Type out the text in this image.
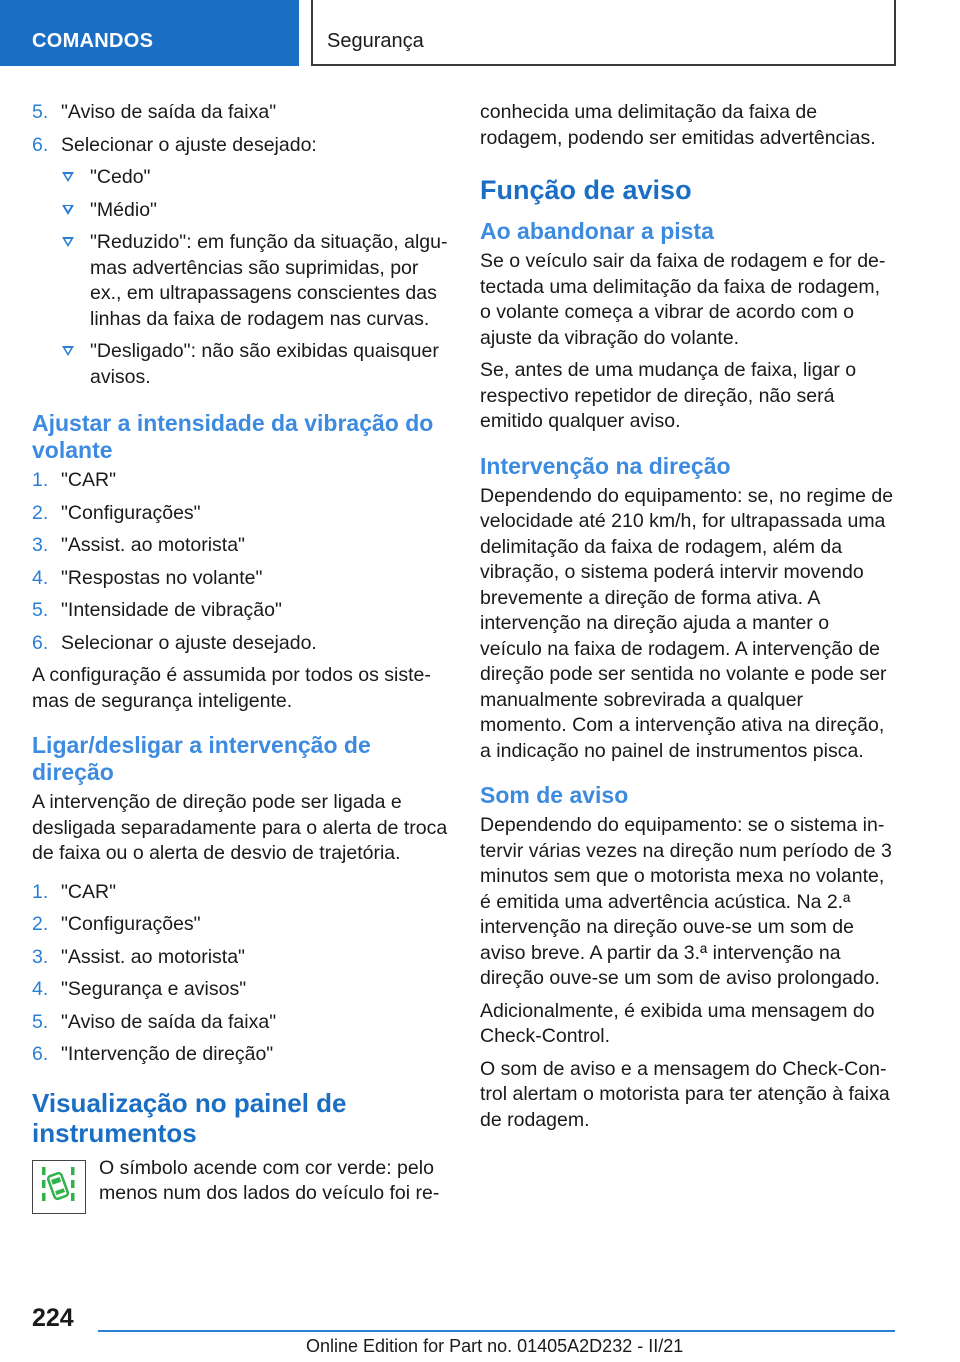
COMANDOS	Segurança
5. "Aviso de saída da faixa"
6. Selecionar o ajuste desejado:
"Cedo"
"Médio"
"Reduzido": em função da situação, algumas advertências são suprimidas, por ex., em ultrapassagens conscientes das linhas da faixa de rodagem nas curvas.
"Desligado": não são exibidas quaisquer avisos.
Ajustar a intensidade da vibração do volante
1. "CAR"
2. "Configurações"
3. "Assist. ao motorista"
4. "Respostas no volante"
5. "Intensidade de vibração"
6. Selecionar o ajuste desejado.

A configuração é assumida por todos os sistemas de segurança inteligente.

Ligar/desligar a intervenção de direção

A intervenção de direção pode ser ligada e desligada separadamente para o alerta de troca de faixa ou o alerta de desvio de trajetória.

1. "CAR"
2. "Configurações"
3. "Assist. ao motorista"
4. "Segurança e avisos"
5. "Aviso de saída da faixa"
6. "Intervenção de direção"
Visualização no painel de instrumentos

O símbolo acende com cor verde: pelo menos num dos lados do veículo foi re-

conhecida uma delimitação da faixa de rodagem, podendo ser emitidas advertências.

Função de aviso
Ao abandonar a pista

Se o veículo sair da faixa de rodagem e for detectada uma delimitação da faixa de rodagem, o volante começa a vibrar de acordo com o ajuste da vibração do volante.

Se, antes de uma mudança de faixa, ligar o respectivo repetidor de direção, não será emitido qualquer aviso.

Intervenção na direção

Dependendo do equipamento: se, no regime de velocidade até 210 km/h, for ultrapassada uma delimitação da faixa de rodagem, além da vibração, o sistema poderá intervir movendo brevemente a direção de forma ativa. A intervenção na direção ajuda a manter o veículo na faixa de rodagem. A intervenção de direção pode ser sentida no volante e pode ser manualmente sobrevirada a qualquer momento. Com a intervenção ativa na direção, a indicação no painel de instrumentos pisca.

Som de aviso

Dependendo do equipamento: se o sistema intervir várias vezes na direção num período de 3 minutos sem que o motorista mexa no volante, é emitida uma advertência acústica. Na 2.ª intervenção na direção ouve-se um som de aviso breve. A partir da 3.ª intervenção na direção ouve-se um som de aviso prolongado.

Adicionalmente, é exibida uma mensagem do Check-Control.

O som de aviso e a mensagem do Check-Control alertam o motorista para ter atenção à faixa de rodagem.

224
Online Edition for Part no. 01405A2D232 - II/21
